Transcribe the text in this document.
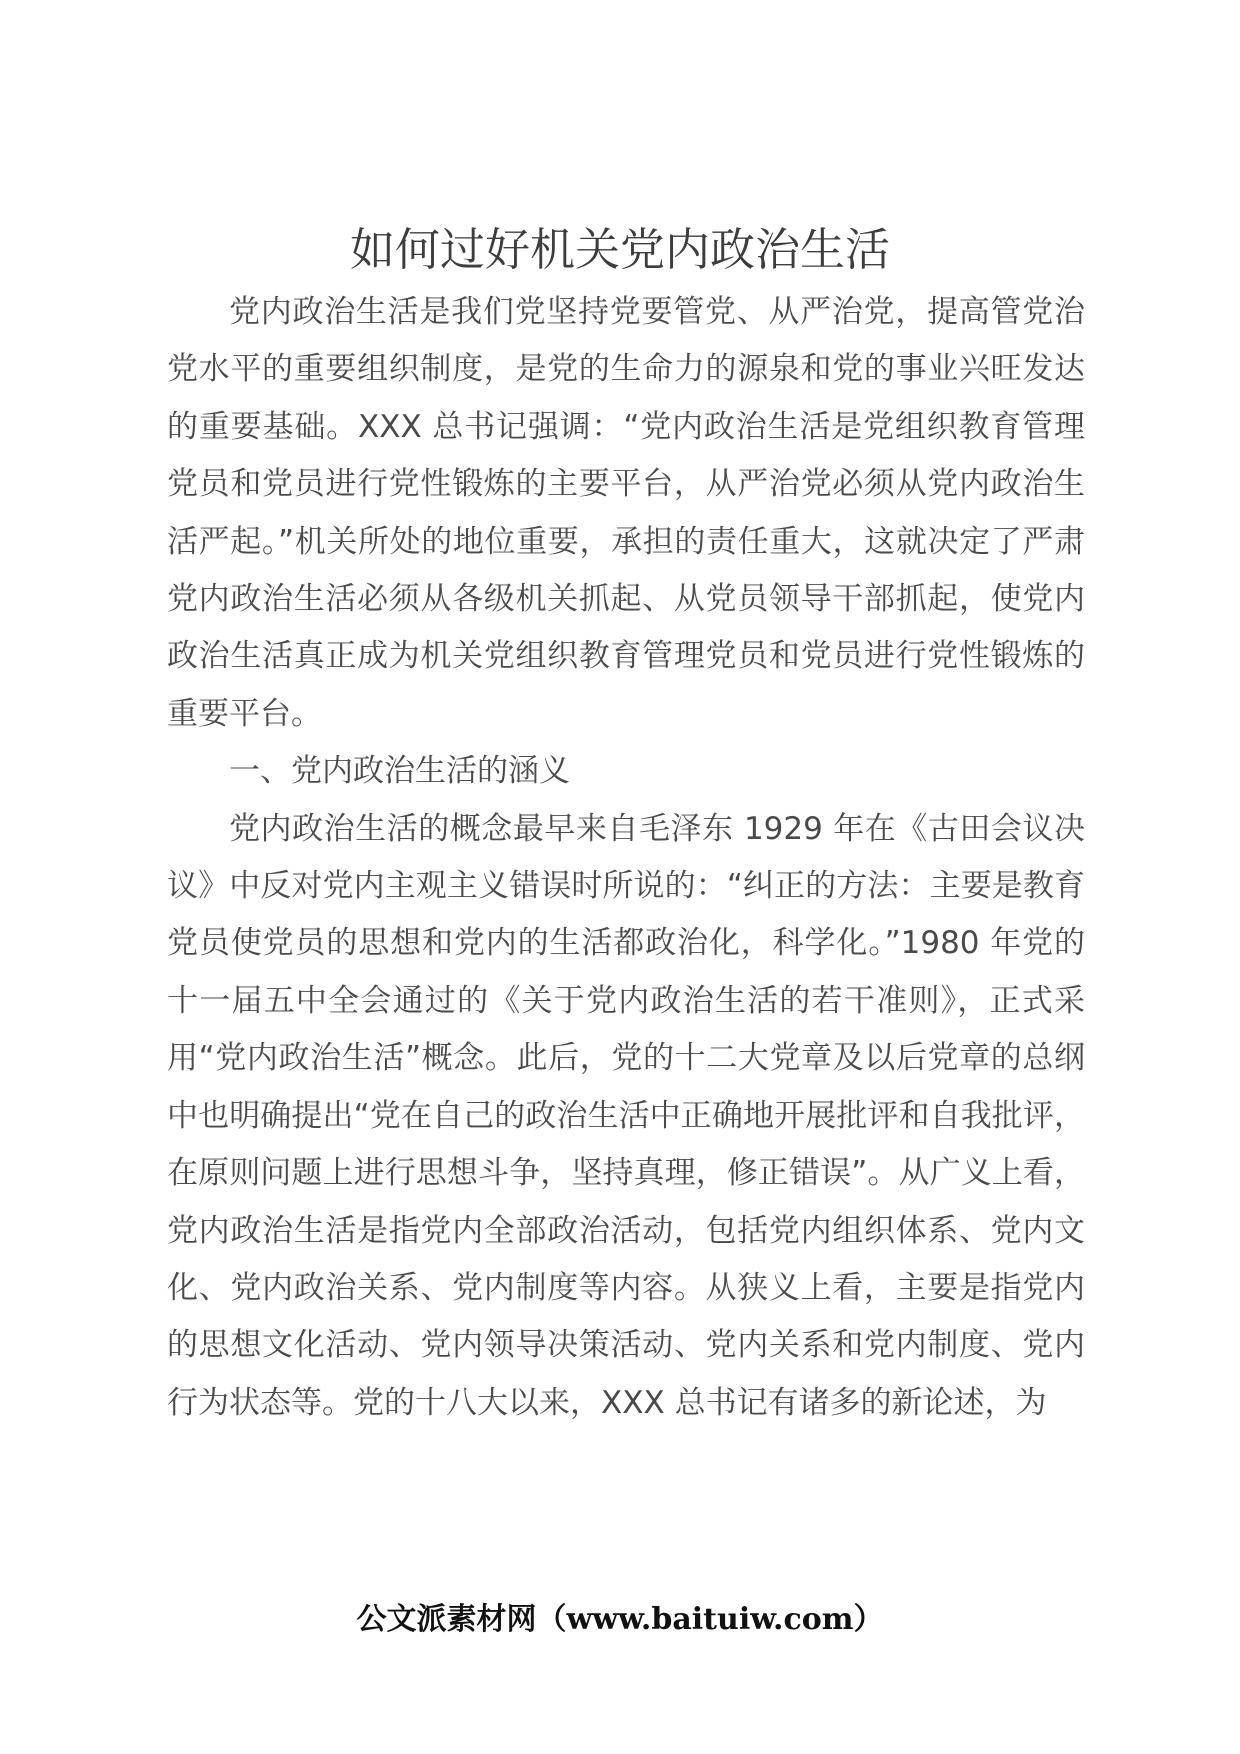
如何过好机关党内政治生活

党内政治生活是我们党坚持党要管党、从严治党，提高管党治党水平的重要组织制度，是党的生命力的源泉和党的事业兴旺发达的重要基础。XXX 总书记强调：“党内政治生活是党组织教育管理党员和党员进行党性锻炼的主要平台，从严治党必须从党内政治生活严起。”机关所处的地位重要，承担的责任重大，这就决定了严肃党内政治生活必须从各级机关抓起、从党员领导干部抓起，使党内政治生活真正成为机关党组织教育管理党员和党员进行党性锻炼的重要平台。

一、党内政治生活的涵义

党内政治生活的概念最早来自毛泽东 1929 年在《古田会议决议》中反对党内主观主义错误时所说的：“纠正的方法：主要是教育党员使党员的思想和党内的生活都政治化，科学化。”1980 年党的十一届五中全会通过的《关于党内政治生活的若干准则》，正式采用“党内政治生活”概念。此后，党的十二大党章及以后党章的总纲中也明确提出“党在自己的政治生活中正确地开展批评和自我批评，在原则问题上进行思想斗争，坚持真理，修正错误”。从广义上看，党内政治生活是指党内全部政治活动，包括党内组织体系、党内文化、党内政治关系、党内制度等内容。从狭义上看，主要是指党内的思想文化活动、党内领导决策活动、党内关系和党内制度、党内行为状态等。党的十八大以来，XXX 总书记有诸多的新论述，为

公文派素材网（www.baituiw.com）
